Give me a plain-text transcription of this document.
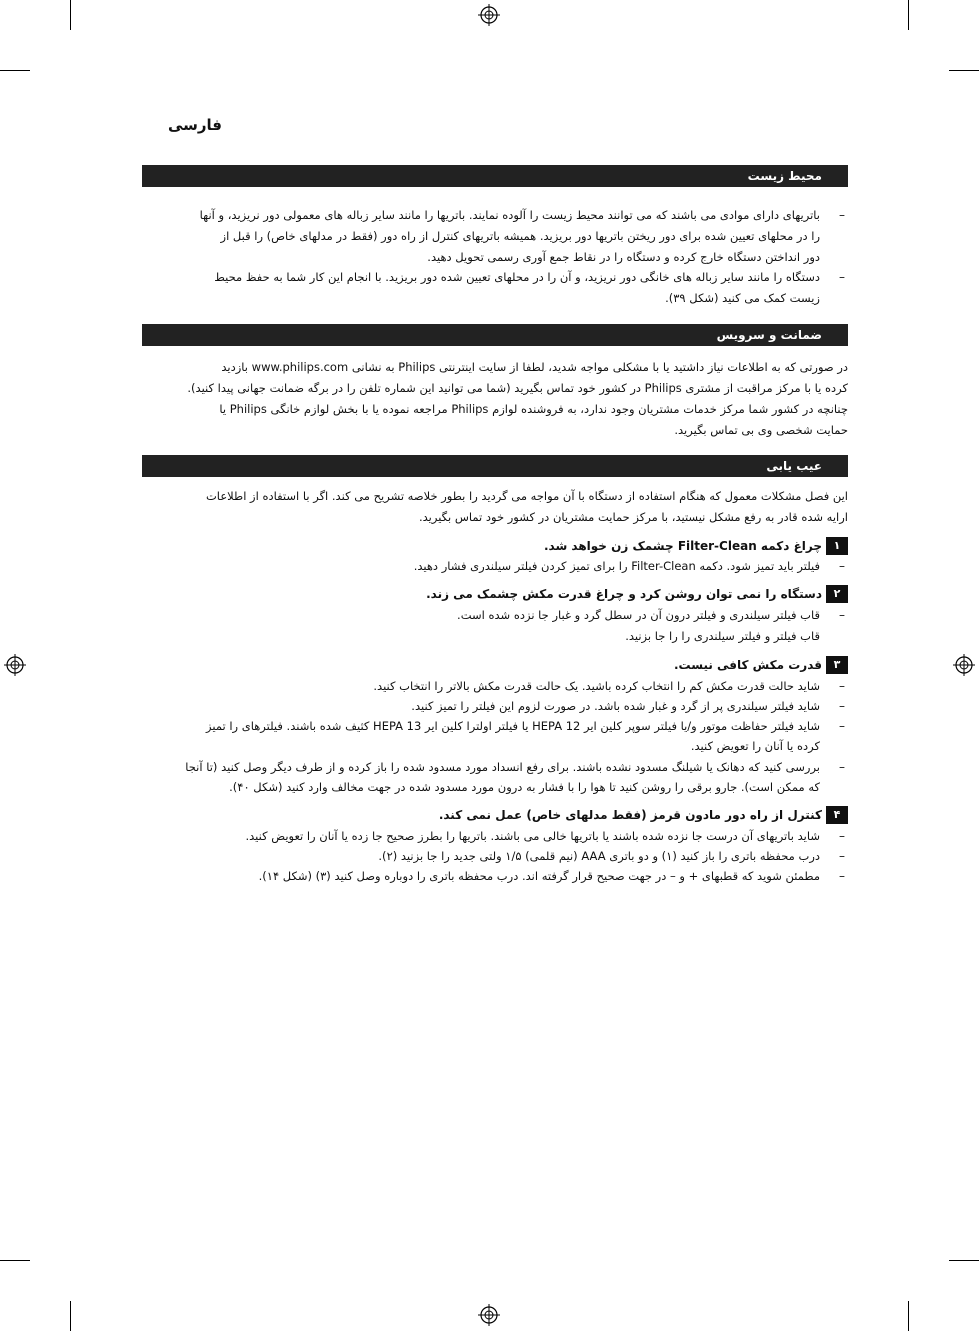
فارسی
محیط زیست
–
باتریهای دارای موادی می باشند که می توانند محیط زیست را آلوده نمایند. باتریها را مانند سایر زباله های معمولی دور نریزید، و آنها
را در محلهای تعیین شده برای دور ریختن باتریها دور بریزید. همیشه باتریهای کنترل از راه دور (فقط در مدلهای خاص) را قبل از
دور انداختن دستگاه خارج کرده و دستگاه را در نقاط جمع آوری رسمی تحویل دهید.
–
دستگاه را مانند سایر زباله های خانگی دور نریزید، و آن را در محلهای تعیین شده دور بریزید. با انجام این کار شما به حفظ محیط
زیست کمک می کنید (شکل ۳۹).
ضمانت و سرویس
در صورتی که به اطلاعات نیاز داشتید یا با مشکلی مواجه شدید، لطفا از سایت اینترنتی Philips به نشانی www.philips.com بازدید
کرده یا با مرکز مراقبت از مشتری Philips در کشور خود تماس بگیرید (شما می توانید این شماره تلفن را در برگه ضمانت جهانی پیدا کنید).
چنانچه در کشور شما مرکز خدمات مشتریان وجود ندارد، به فروشنده لوازم Philips مراجعه نموده یا با بخش لوازم خانگی Philips یا
حمایت شخصی وی بی تماس بگیرید.
عیب یابی
این فصل مشکلات معمول که هنگام استفاده از دستگاه با آن مواجه می گردید را بطور خلاصه تشریح می کند. اگر با استفاده از اطلاعات
ارایه شده قادر به رفع مشکل نیستید، با مرکز حمایت مشتریان در کشور خود تماس بگیرید.
۱
چراغ دکمه Filter-Clean چشمک زن خواهد شد.
–
فیلتر باید تمیز شود. دکمه Filter-Clean را برای تمیز کردن فیلتر سیلندری فشار دهید.
۲
دستگاه را نمی توان روشن کرد و چراغ قدرت مکش چشمک می زند.
–
قاب فیلتر سیلندری و فیلتر درون آن در سطل گرد و غبار جا نزده شده است.
قاب فیلتر و فیلتر سیلندری را را جا بزنید.
۳
قدرت مکش کافی نیست.
–
شاید حالت قدرت مکش کم را انتخاب کرده باشید. یک حالت قدرت مکش بالاتر را انتخاب کنید.
–
شاید فیلتر سیلندری پر از گرد و غبار شده باشد. در صورت لزوم این فیلتر را تمیز کنید.
–
شاید فیلتر حفاظت موتور و/یا فیلتر سوپر کلین ایر HEPA 12 یا فیلتر اولترا کلین ایر HEPA 13 کثیف شده باشند. فیلترهای را تمیز
کرده یا آنان را تعویض کنید.
–
بررسی کنید که دهانک یا شیلنگ مسدود نشده باشند. برای رفع انسداد مورد مسدود شده را باز کرده و از طرف دیگر وصل کنید (تا آنجا
که ممکن است). جارو برقی را روشن کنید تا هوا را با فشار به درون مورد مسدود شده در جهت مخالف وارد کنید (شکل ۴۰).
۴
کنترل از راه دور مادون قرمز (فقط مدلهای خاص) عمل نمی کند.
–
شاید باتریهای آن درست جا نزده شده باشند یا باتریها خالی می باشند. باتریها را بطرز صحیح جا زده یا آنان را تعویض کنید.
–
درب محفظه باتری را باز کنید (۱) و دو باتری AAA (نیم قلمی) ۱/۵ ولتی جدید را جا بزنید (۲).
–
مطمئن شوید که قطبهای + و – در جهت صحیح قرار گرفته اند. درب محفظه باتری را دوباره وصل کنید (۳) (شکل ۱۴).
